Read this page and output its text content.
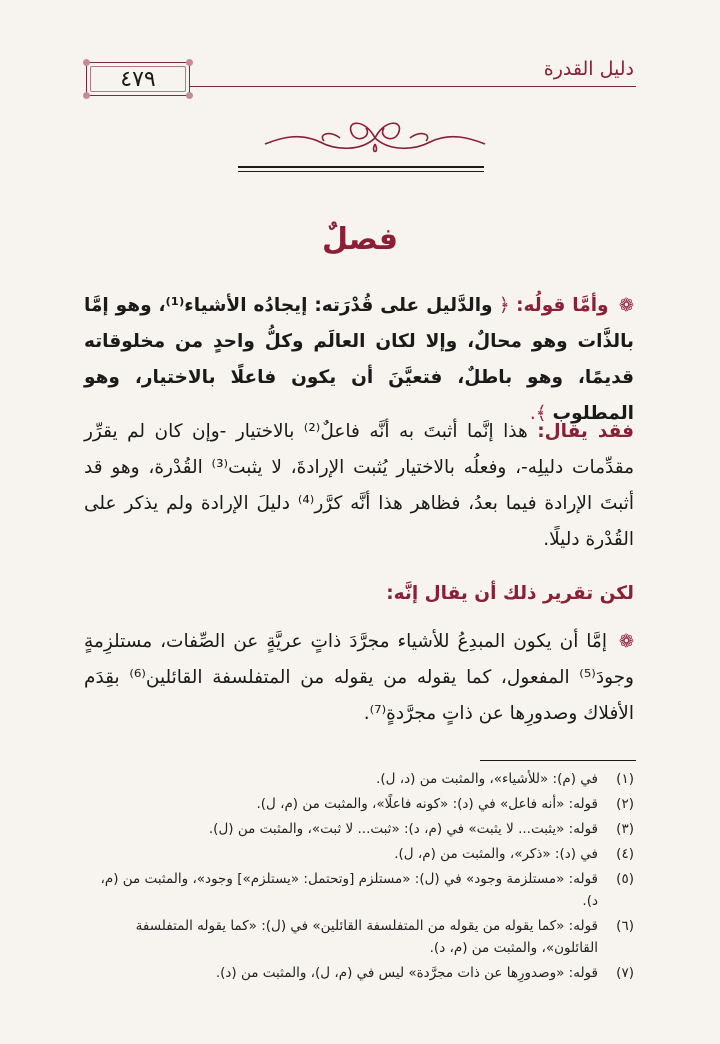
دليل القدرة
٤٧٩
فصلٌ
❁ وأمَّا قولُه: ﴿ والدَّليل على قُدْرَته: إيجادُه الأشياء⁽¹⁾، وهو إمَّا بالذَّات وهو محالٌ، وإلا لكان العالَم وكلُّ واحدٍ من مخلوقاته قديمًا، وهو باطلٌ، فتعيَّنَ أن يكون فاعلًا بالاختيار، وهو المطلوب ﴾.
فقد يقال: هذا إنَّما أثبتَ به أنَّه فاعلٌ⁽²⁾ بالاختيار -وإن كان لم يقرِّر مقدِّمات دليلِه-، وفعلُه بالاختيار يُثبت الإرادةَ، لا يثبت⁽³⁾ القُدْرة، وهو قد أثبتَ الإرادة فيما بعدُ، فظاهر هذا أنَّه كرَّر⁽⁴⁾ دليلَ الإرادة ولم يذكر على القُدْرة دليلًا.
لكن تقرير ذلك أن يقال إنَّه:
❁ إمَّا أن يكون المبدِعُ للأشياء مجرَّدَ ذاتٍ عريَّةٍ عن الصِّفات، مستلزِمةٍ وجودَ⁽⁵⁾ المفعول، كما يقوله من يقوله من المتفلسفة القائلين⁽⁶⁾ بقِدَم الأفلاك وصدورِها عن ذاتٍ مجرَّدةٍ⁽⁷⁾.
(١)
في (م): «للأشياء»، والمثبت من (د، ل).
(٢)
قوله: «أنه فاعل» في (د): «كونه فاعلًا»، والمثبت من (م، ل).
(٣)
قوله: «يثبت... لا يثبت» في (م، د): «ثبت... لا ثبت»، والمثبت من (ل).
(٤)
في (د): «ذكر»، والمثبت من (م، ل).
(٥)
قوله: «مستلزمة وجود» في (ل): «مستلزم [وتحتمل: «يستلزم»] وجود»، والمثبت من (م، د).
(٦)
قوله: «كما يقوله من يقوله من المتفلسفة القائلين» في (ل): «كما يقوله المتفلسفة القائلون»، والمثبت من (م، د).
(٧)
قوله: «وصدورِها عن ذات مجرَّدة» ليس في (م، ل)، والمثبت من (د).
